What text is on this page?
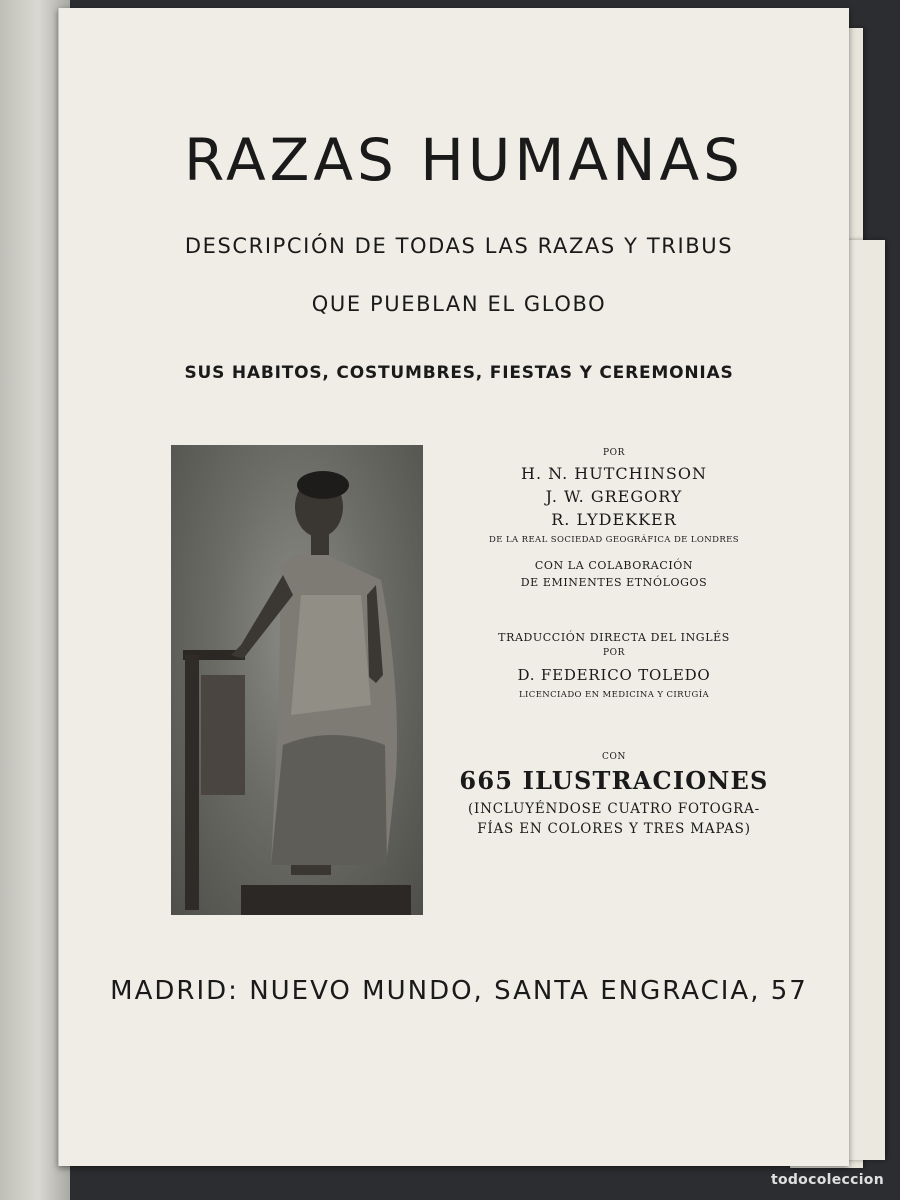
RAZAS HUMANAS
DESCRIPCIÓN DE TODAS LAS RAZAS Y TRIBUS
QUE PUEBLAN EL GLOBO
SUS HABITOS, COSTUMBRES, FIESTAS Y CEREMONIAS
POR
H. N. HUTCHINSON
J. W. GREGORY
R. LYDEKKER
DE LA REAL SOCIEDAD GEOGRÁFICA DE LONDRES
CON LA COLABORACIÓN
DE EMINENTES ETNÓLOGOS
TRADUCCIÓN DIRECTA DEL INGLÉS
POR
D. FEDERICO TOLEDO
LICENCIADO EN MEDICINA Y CIRUGÍA
CON
665 ILUSTRACIONES
(INCLUYÉNDOSE CUATRO FOTOGRA-
FÍAS EN COLORES Y TRES MAPAS)
MADRID: NUEVO MUNDO, SANTA ENGRACIA, 57
todocoleccion
